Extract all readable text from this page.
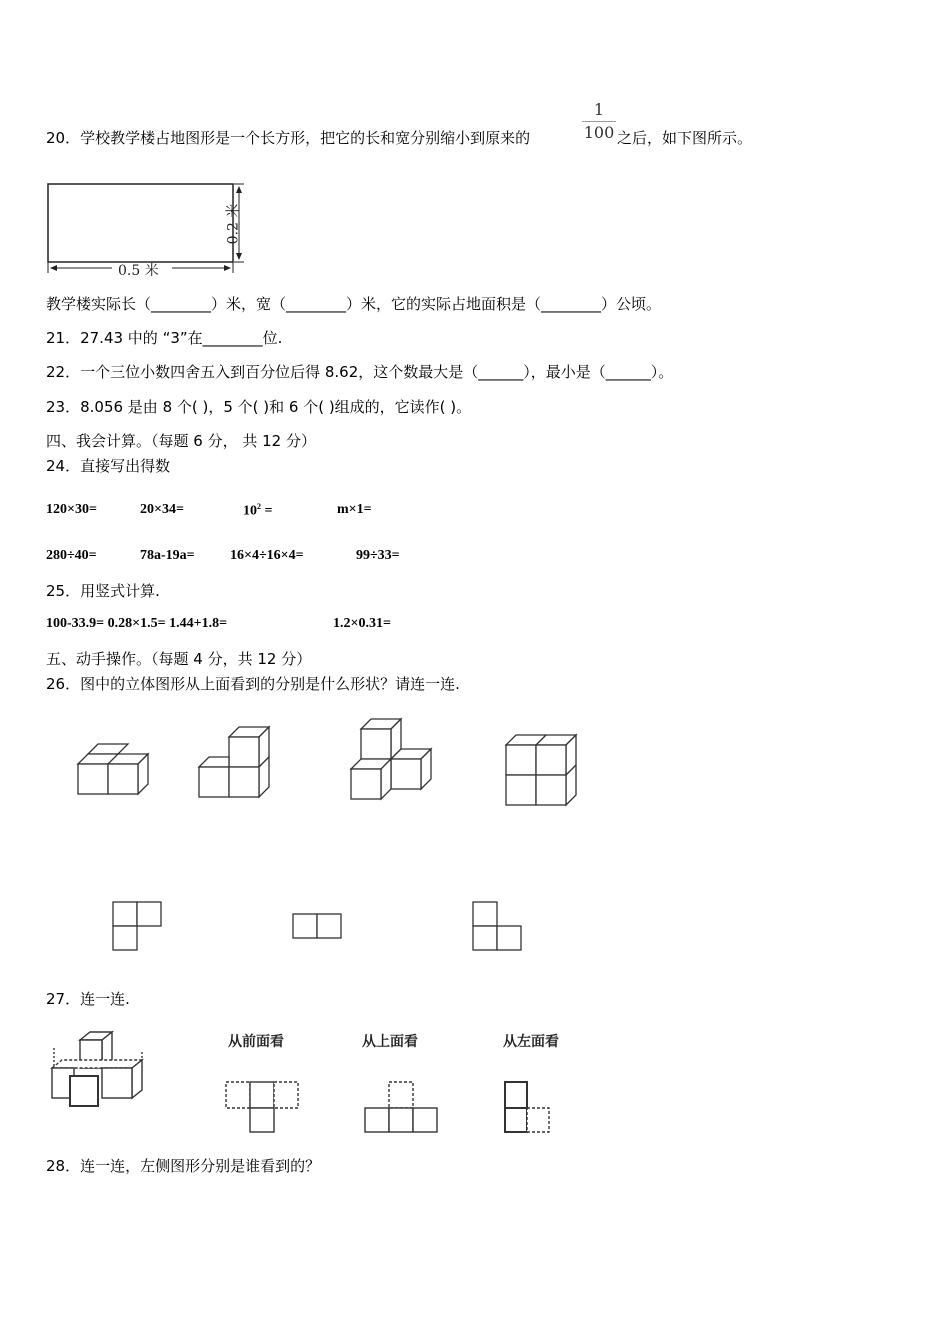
20．学校教学楼占地图形是一个长方形，把它的长和宽分别缩小到原来的
1
100 之后，如下图所示。
0.5 米
0.2 米
教学楼实际长（________）米，宽（________）米，它的实际占地面积是（________）公顷。
21．27.43 中的 “3”在________位.
22．一个三位小数四舍五入到百分位后得 8.62，这个数最大是（______），最小是（______）。
23．8.056 是由 8 个( )，5 个( )和 6 个( )组成的，它读作( )。
四、我会计算。（每题 6 分， 共 12 分）
24．直接写出得数
120×30=	20×34=	$10^2$ =	m×1=
280÷40=	78a-19a=	16×4÷16×4=	99÷33=
25．用竖式计算.
100-33.9= 0.28×1.5= 1.44+1.8=	1.2×0.31=
五、动手操作。（每题 4 分，共 12 分）
26．图中的立体图形从上面看到的分别是什么形状？请连一连.
27．连一连.
从前面看	从上面看	从左面看
28．连一连，左侧图形分别是谁看到的？
